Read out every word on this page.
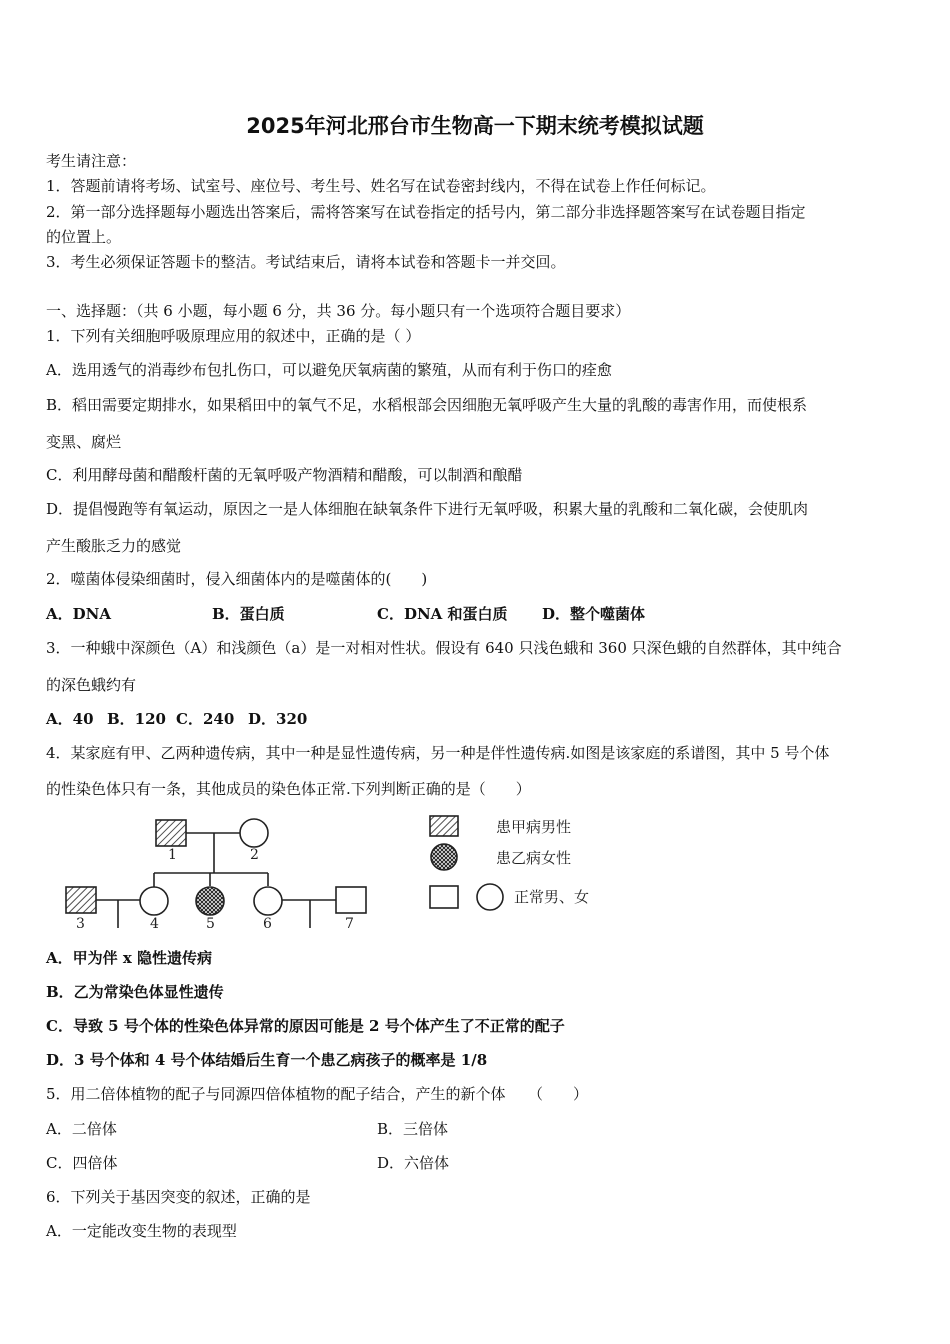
2025年河北邢台市生物高一下期末统考模拟试题
考生请注意：
1．答题前请将考场、试室号、座位号、考生号、姓名写在试卷密封线内，不得在试卷上作任何标记。
2．第一部分选择题每小题选出答案后，需将答案写在试卷指定的括号内，第二部分非选择题答案写在试卷题目指定
的位置上。
3．考生必须保证答题卡的整洁。考试结束后，请将本试卷和答题卡一并交回。
一、选择题：（共 6 小题，每小题 6 分，共 36 分。每小题只有一个选项符合题目要求）
1．下列有关细胞呼吸原理应用的叙述中，正确的是（ ）
A．选用透气的消毒纱布包扎伤口，可以避免厌氧病菌的繁殖，从而有利于伤口的痊愈
B．稻田需要定期排水，如果稻田中的氧气不足，水稻根部会因细胞无氧呼吸产生大量的乳酸的毒害作用，而使根系
变黑、腐烂
C．利用酵母菌和醋酸杆菌的无氧呼吸产物酒精和醋酸，可以制酒和酿醋
D．提倡慢跑等有氧运动，原因之一是人体细胞在缺氧条件下进行无氧呼吸，积累大量的乳酸和二氧化碳，会使肌肉
产生酸胀乏力的感觉
2．噬菌体侵染细菌时，侵入细菌体内的是噬菌体的(　　)
A．DNA	B．蛋白质	C．DNA 和蛋白质 D．整个噬菌体
3．一种蛾中深颜色（A）和浅颜色（a）是一对相对性状。假设有 640 只浅色蛾和 360 只深色蛾的自然群体，其中纯合
的深色蛾约有
A．40 B．120 C．240 D．320
4．某家庭有甲、乙两种遗传病，其中一种是显性遗传病，另一种是伴性遗传病.如图是该家庭的系谱图，其中 5 号个体
的性染色体只有一条，其他成员的染色体正常.下列判断正确的是（　　）
1	2
3	4	5	6	7
患甲病男性
患乙病女性
正常男、女
A．甲为伴 x 隐性遗传病
B．乙为常染色体显性遗传
C．导致 5 号个体的性染色体异常的原因可能是 2 号个体产生了不正常的配子
D．3 号个体和 4 号个体结婚后生育一个患乙病孩子的概率是 1/8
5．用二倍体植物的配子与同源四倍体植物的配子结合，产生的新个体　　（　　）
A．二倍体	B．三倍体
C．四倍体	D．六倍体
6．下列关于基因突变的叙述，正确的是
A．一定能改变生物的表现型
